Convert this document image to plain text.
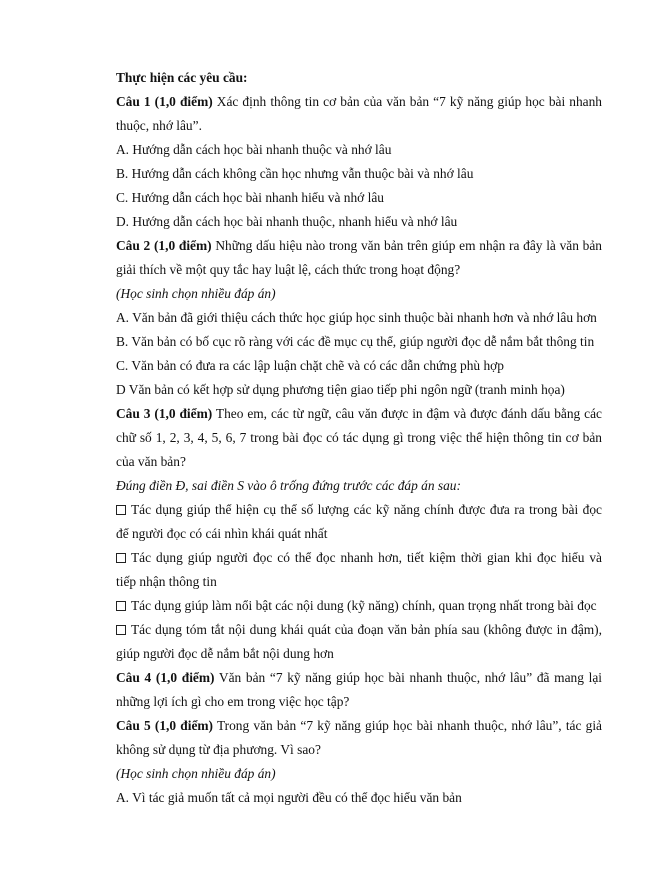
Thực hiện các yêu cầu:
Câu 1 (1,0 điểm) Xác định thông tin cơ bản của văn bản “7 kỹ năng giúp học bài nhanh
thuộc, nhớ lâu”.
A. Hướng dẫn cách học bài nhanh thuộc và nhớ lâu
B. Hướng dẫn cách không cần học nhưng vẫn thuộc bài và nhớ lâu
C. Hướng dẫn cách học bài nhanh hiểu và nhớ lâu
D. Hướng dẫn cách học bài nhanh thuộc, nhanh hiểu và nhớ lâu
Câu 2 (1,0 điểm) Những dấu hiệu nào trong văn bản trên giúp em nhận ra đây là văn bản
giải thích về một quy tắc hay luật lệ, cách thức trong hoạt động?
(Học sinh chọn nhiều đáp án)
A. Văn bản đã giới thiệu cách thức học giúp học sinh thuộc bài nhanh hơn và nhớ lâu hơn
B. Văn bản có bố cục rõ ràng với các đề mục cụ thể, giúp người đọc dễ nắm bắt thông tin
C. Văn bản có đưa ra các lập luận chặt chẽ và có các dẫn chứng phù hợp
D Văn bản có kết hợp sử dụng phương tiện giao tiếp phi ngôn ngữ (tranh minh họa)
Câu 3 (1,0 điểm) Theo em, các từ ngữ, câu văn được in đậm và được đánh dấu bằng các
chữ số 1, 2, 3, 4, 5, 6, 7 trong bài đọc có tác dụng gì trong việc thể hiện thông tin cơ bản
của văn bản?
Đúng điền Đ, sai điền S vào ô trống đứng trước các đáp án sau:
Tác dụng giúp thể hiện cụ thể số lượng các kỹ năng chính được đưa ra trong bài đọc
để người đọc có cái nhìn khái quát nhất
Tác dụng giúp người đọc có thể đọc nhanh hơn, tiết kiệm thời gian khi đọc hiểu và
tiếp nhận thông tin
Tác dụng giúp làm nổi bật các nội dung (kỹ năng) chính, quan trọng nhất trong bài đọc
Tác dụng tóm tắt nội dung khái quát của đoạn văn bản phía sau (không được in đậm),
giúp người đọc dễ nắm bắt nội dung hơn
Câu 4 (1,0 điểm) Văn bản “7 kỹ năng giúp học bài nhanh thuộc, nhớ lâu” đã mang lại
những lợi ích gì cho em trong việc học tập?
Câu 5 (1,0 điểm) Trong văn bản “7 kỹ năng giúp học bài nhanh thuộc, nhớ lâu”, tác giả
không sử dụng từ địa phương. Vì sao?
(Học sinh chọn nhiều đáp án)
A. Vì tác giả muốn tất cả mọi người đều có thể đọc hiểu văn bản
